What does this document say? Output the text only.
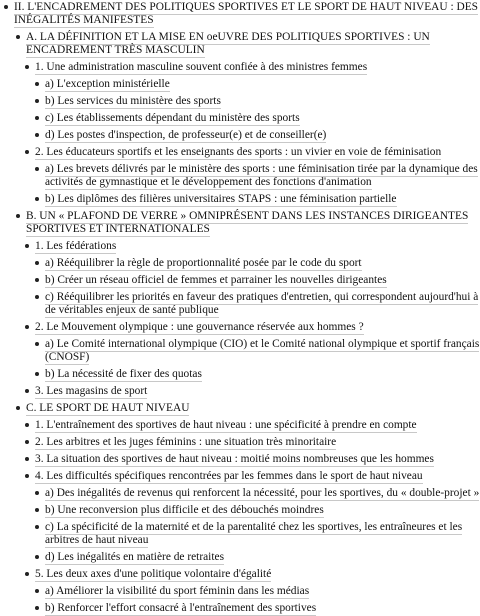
II. L'ENCADREMENT DES POLITIQUES SPORTIVES ET LE SPORT DE HAUT NIVEAU : DES INÉGALITÉS MANIFESTES
A. LA DÉFINITION ET LA MISE EN oeUVRE DES POLITIQUES SPORTIVES : UN ENCADREMENT TRÈS MASCULIN
1. Une administration masculine souvent confiée à des ministres femmes
a) L'exception ministérielle
b) Les services du ministère des sports
c) Les établissements dépendant du ministère des sports
d) Les postes d'inspection, de professeur(e) et de conseiller(e)
2. Les éducateurs sportifs et les enseignants des sports : un vivier en voie de féminisation
a) Les brevets délivrés par le ministère des sports : une féminisation tirée par la dynamique des activités de gymnastique et le développement des fonctions d'animation
b) Les diplômes des filières universitaires STAPS : une féminisation partielle
B. UN « PLAFOND DE VERRE » OMNIPRÉSENT DANS LES INSTANCES DIRIGEANTES SPORTIVES ET INTERNATIONALES
1. Les fédérations
a) Rééquilibrer la règle de proportionnalité posée par le code du sport
b) Créer un réseau officiel de femmes et parrainer les nouvelles dirigeantes
c) Rééquilibrer les priorités en faveur des pratiques d'entretien, qui correspondent aujourd'hui à de véritables enjeux de santé publique
2. Le Mouvement olympique : une gouvernance réservée aux hommes ?
a) Le Comité international olympique (CIO) et le Comité national olympique et sportif français (CNOSF)
b) La nécessité de fixer des quotas
3. Les magasins de sport
C. LE SPORT DE HAUT NIVEAU
1. L'entraînement des sportives de haut niveau : une spécificité à prendre en compte
2. Les arbitres et les juges féminins : une situation très minoritaire
3. La situation des sportives de haut niveau : moitié moins nombreuses que les hommes
4. Les difficultés spécifiques rencontrées par les femmes dans le sport de haut niveau
a) Des inégalités de revenus qui renforcent la nécessité, pour les sportives, du « double-projet »
b) Une reconversion plus difficile et des débouchés moindres
c) La spécificité de la maternité et de la parentalité chez les sportives, les entraîneures et les arbitres de haut niveau
d) Les inégalités en matière de retraites
5. Les deux axes d'une politique volontaire d'égalité
a) Améliorer la visibilité du sport féminin dans les médias
b) Renforcer l'effort consacré à l'entraînement des sportives
